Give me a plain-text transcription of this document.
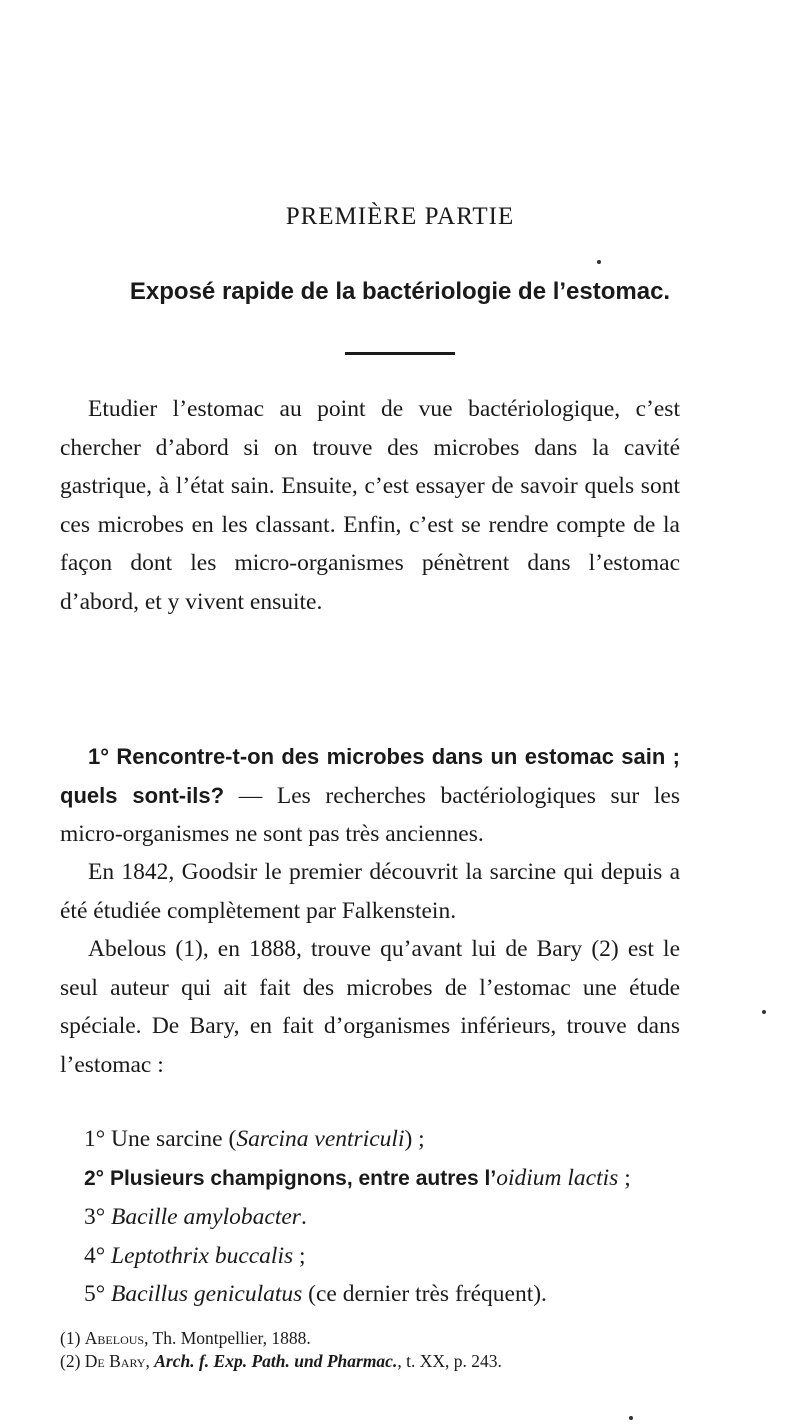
PREMIÈRE PARTIE
Exposé rapide de la bactériologie de l’estomac.

Etudier l’estomac au point de vue bactériologique, c’est chercher d’abord si on trouve des microbes dans la cavité gastrique, à l’état sain. Ensuite, c’est essayer de savoir quels sont ces microbes en les classant. Enfin, c’est se rendre compte de la façon dont les micro-organismes pénètrent dans l’estomac d’abord, et y vivent ensuite.

1° Rencontre-t-on des microbes dans un estomac sain ; quels sont-ils? — Les recherches bactériologiques sur les micro-organismes ne sont pas très anciennes.

En 1842, Goodsir le premier découvrit la sarcine qui depuis a été étudiée complètement par Falkenstein.

Abelous (1), en 1888, trouve qu’avant lui de Bary (2) est le seul auteur qui ait fait des microbes de l’estomac une étude spéciale. De Bary, en fait d’organismes inférieurs, trouve dans l’estomac :

1° Une sarcine (Sarcina ventriculi) ;
2° Plusieurs champignons, entre autres l’oidium lactis ;
3° Bacille amylobacter.
4° Leptothrix buccalis ;
5° Bacillus geniculatus (ce dernier très fréquent).
(1) Abelous, Th. Montpellier, 1888.
(2) De Bary, Arch. f. Exp. Path. und Pharmac., t. XX, p. 243.
